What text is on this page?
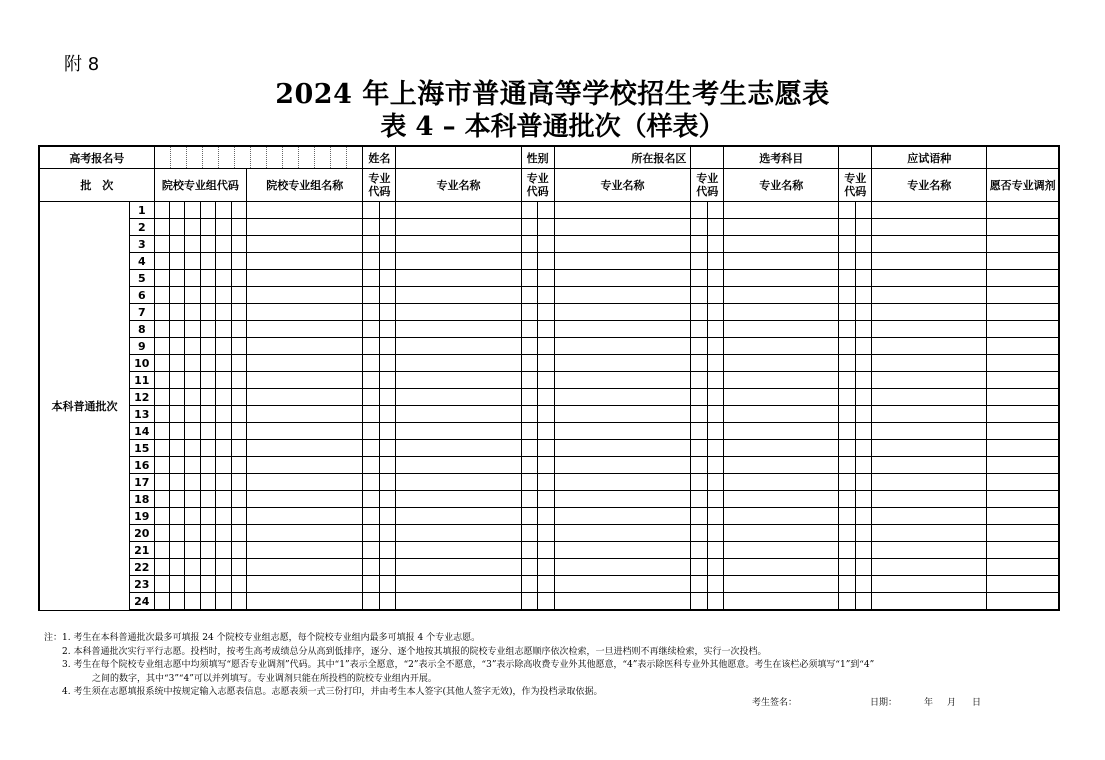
附 8
2024 年上海市普通高等学校招生考生志愿表
表 4 – 本科普通批次（样表）
高考报名号									姓名			性别		所在报名区			选考科目			应试语种	
批　次		院校专业组代码						院校专业组名称	专业代码		专业名称	专业代码		专业名称	专业代码		专业名称	专业代码		专业名称	愿否专业调剂
本科普通批次	1																				
	2																				
	3																				
	4																				
	5																				
	6																				
	7																				
	8																				
	9																				
	10																				
	11																				
	12																				
	13																				
	14																				
	15																				
	16																				
	17																				
	18																				
	19																				
	20																				
	21																				
	22																				
	23																				
	24																				
注： 1. 考生在本科普通批次最多可填报 24 个院校专业组志愿，每个院校专业组内最多可填报 4 个专业志愿。
2. 本科普通批次实行平行志愿。投档时，按考生高考成绩总分从高到低排序，逐分、逐个地按其填报的院校专业组志愿顺序依次检索，一旦进档则不再继续检索，实行一次投档。
3. 考生在每个院校专业组志愿中均须填写“愿否专业调剂”代码。其中“1”表示全愿意，“2”表示全不愿意，“3”表示除高收费专业外其他愿意，“4”表示除医科专业外其他愿意。考生在该栏必须填写“1”到“4”
之间的数字，其中“3”“4”可以并列填写。专业调剂只能在所投档的院校专业组内开展。
4. 考生须在志愿填报系统中按规定输入志愿表信息。志愿表须一式三份打印，并由考生本人签字(其他人签字无效)，作为投档录取依据。
考生签名：	日期：	年 月 日
